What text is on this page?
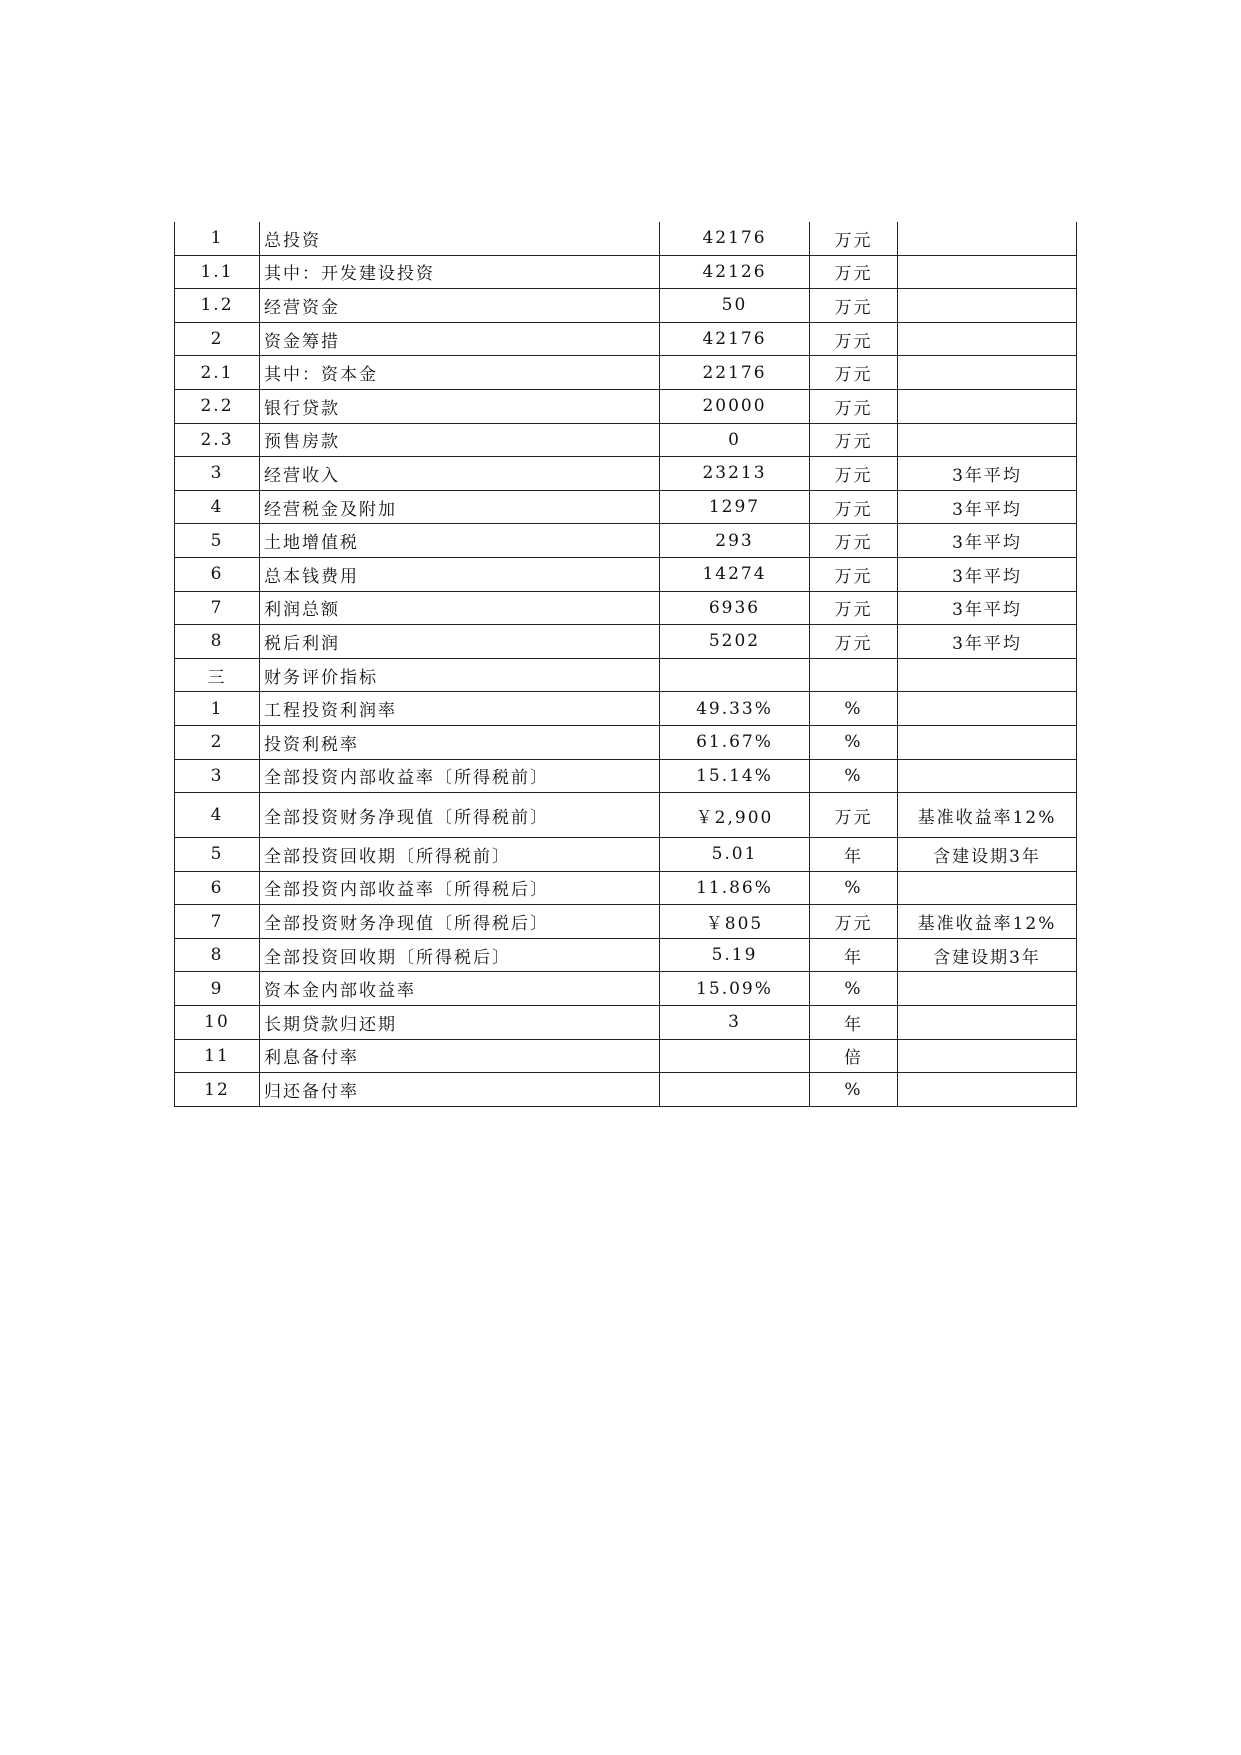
1	总投资	42176	万元	
1.1	其中：开发建设投资	42126	万元	
1.2	经营资金	50	万元	
2	资金筹措	42176	万元	
2.1	其中：资本金	22176	万元	
2.2	银行贷款	20000	万元	
2.3	预售房款	0	万元	
3	经营收入	23213	万元	3年平均
4	经营税金及附加	1297	万元	3年平均
5	土地增值税	293	万元	3年平均
6	总本钱费用	14274	万元	3年平均
7	利润总额	6936	万元	3年平均
8	税后利润	5202	万元	3年平均
三	财务评价指标			
1	工程投资利润率	49.33%	%	
2	投资利税率	61.67%	%	
3	全部投资内部收益率〔所得税前〕	15.14%	%	
4	全部投资财务净现值〔所得税前〕	￥2,900	万元	基准收益率12%
5	全部投资回收期〔所得税前〕	5.01	年	含建设期3年
6	全部投资内部收益率〔所得税后〕	11.86%	%	
7	全部投资财务净现值〔所得税后〕	￥805	万元	基准收益率12%
8	全部投资回收期〔所得税后〕	5.19	年	含建设期3年
9	资本金内部收益率	15.09%	%	
10	长期贷款归还期	3	年	
11	利息备付率		倍	
12	归还备付率		%	
